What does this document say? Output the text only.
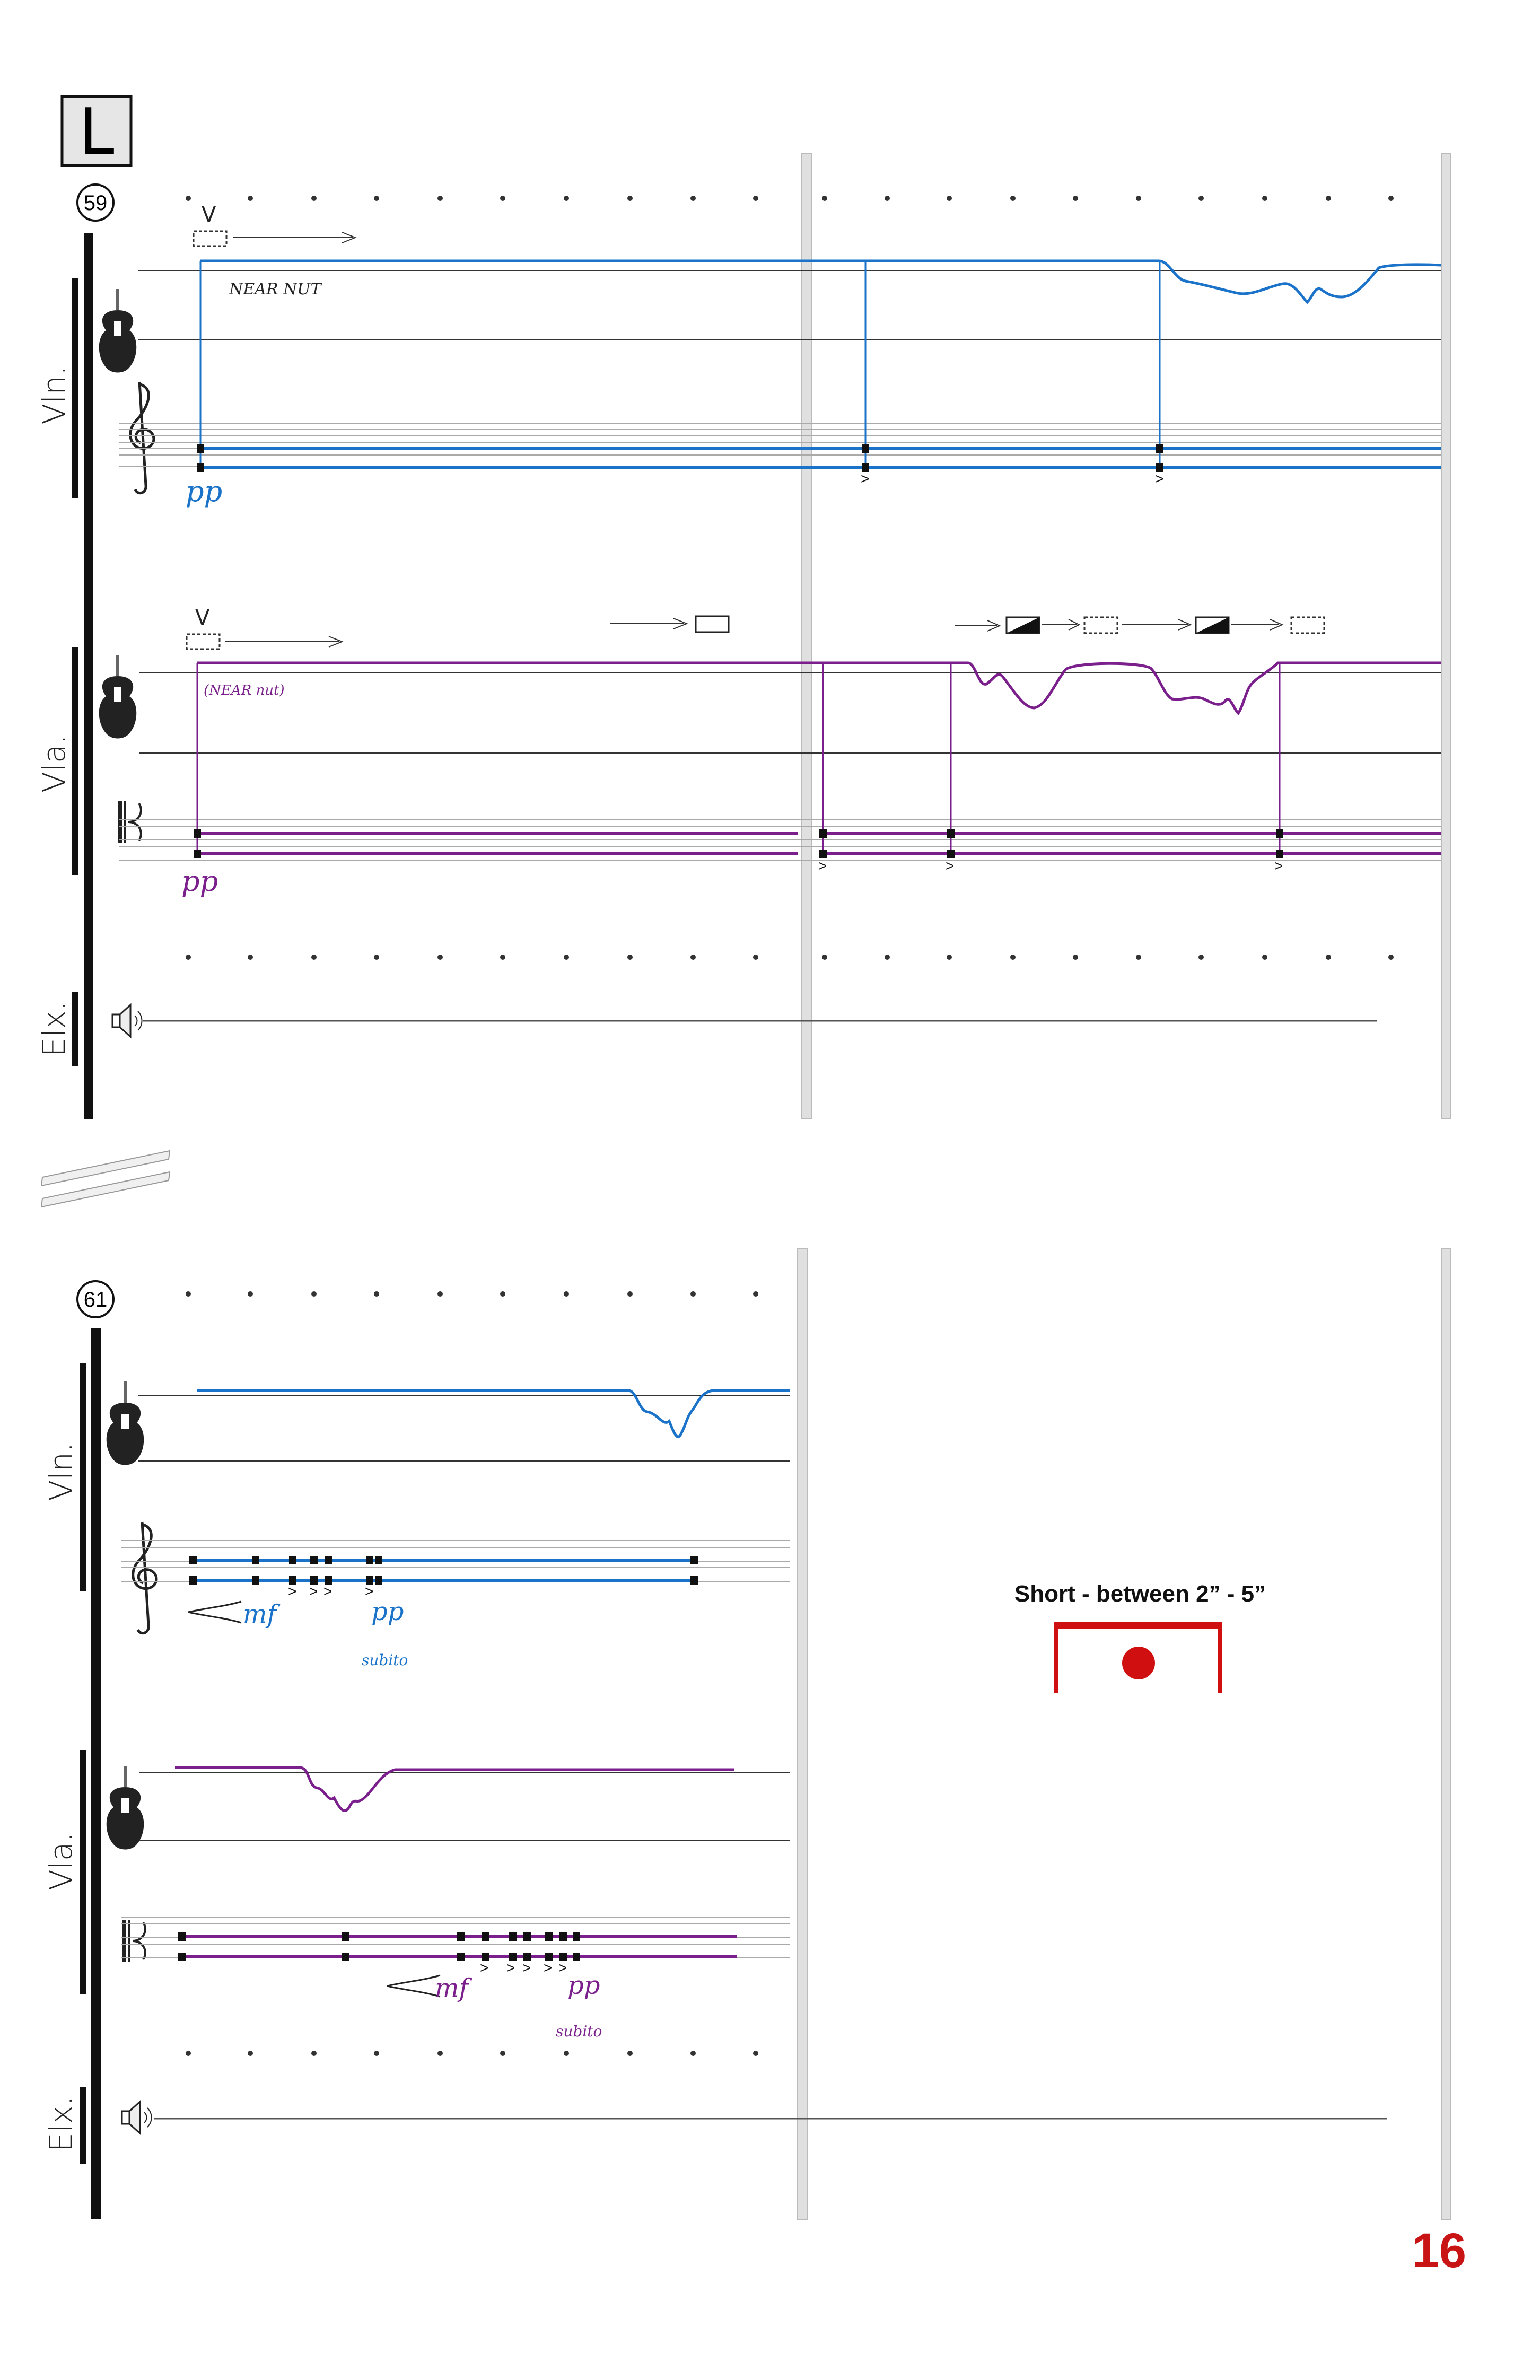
L
59
Vln.
V
>	>
NEAR NUT
pp
Vla.
V
>	>	>
(NEAR nut)
pp
Elx.
61
Vln.
> > > >
mf	pp
subito
Vla.
> > > > >
mf	pp
subito
Elx.
Short - between 2” - 5”
16
